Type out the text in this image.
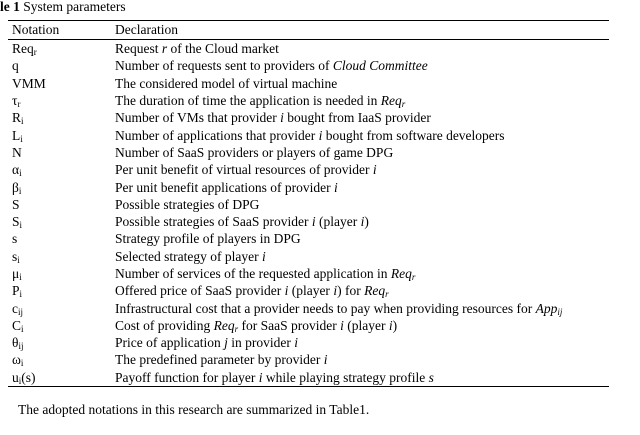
le 1 System parameters
Notation	Declaration
Req$_r$	Request r of the Cloud market
q	Number of requests sent to providers of Cloud Committee
VMM	The considered model of virtual machine
$\tau_r$	The duration of time the application is needed in Req$_r$
$R_i$	Number of VMs that provider i bought from IaaS provider
$L_i$	Number of applications that provider i bought from software developers
N	Number of SaaS providers or players of game DPG
$\alpha_i$	Per unit benefit of virtual resources of provider i
$\beta_i$	Per unit benefit applications of provider i
S	Possible strategies of DPG
$S_i$	Possible strategies of SaaS provider i (player i)
s	Strategy profile of players in DPG
$s_i$	Selected strategy of player i
$\mu_i$	Number of services of the requested application in Req$_r$
$P_i$	Offered price of SaaS provider i (player i) for Req$_r$
$c_{ij}$	Infrastructural cost that a provider needs to pay when providing resources for App$_{ij}$
$C_i$	Cost of providing Req$_r$ for SaaS provider i (player i)
$\theta_{ij}$	Price of application j in provider i
$\omega_i$	The predefined parameter by provider i
$u_i(s)$	Payoff function for player i while playing strategy profile s
The adopted notations in this research are summarized in Table1.
